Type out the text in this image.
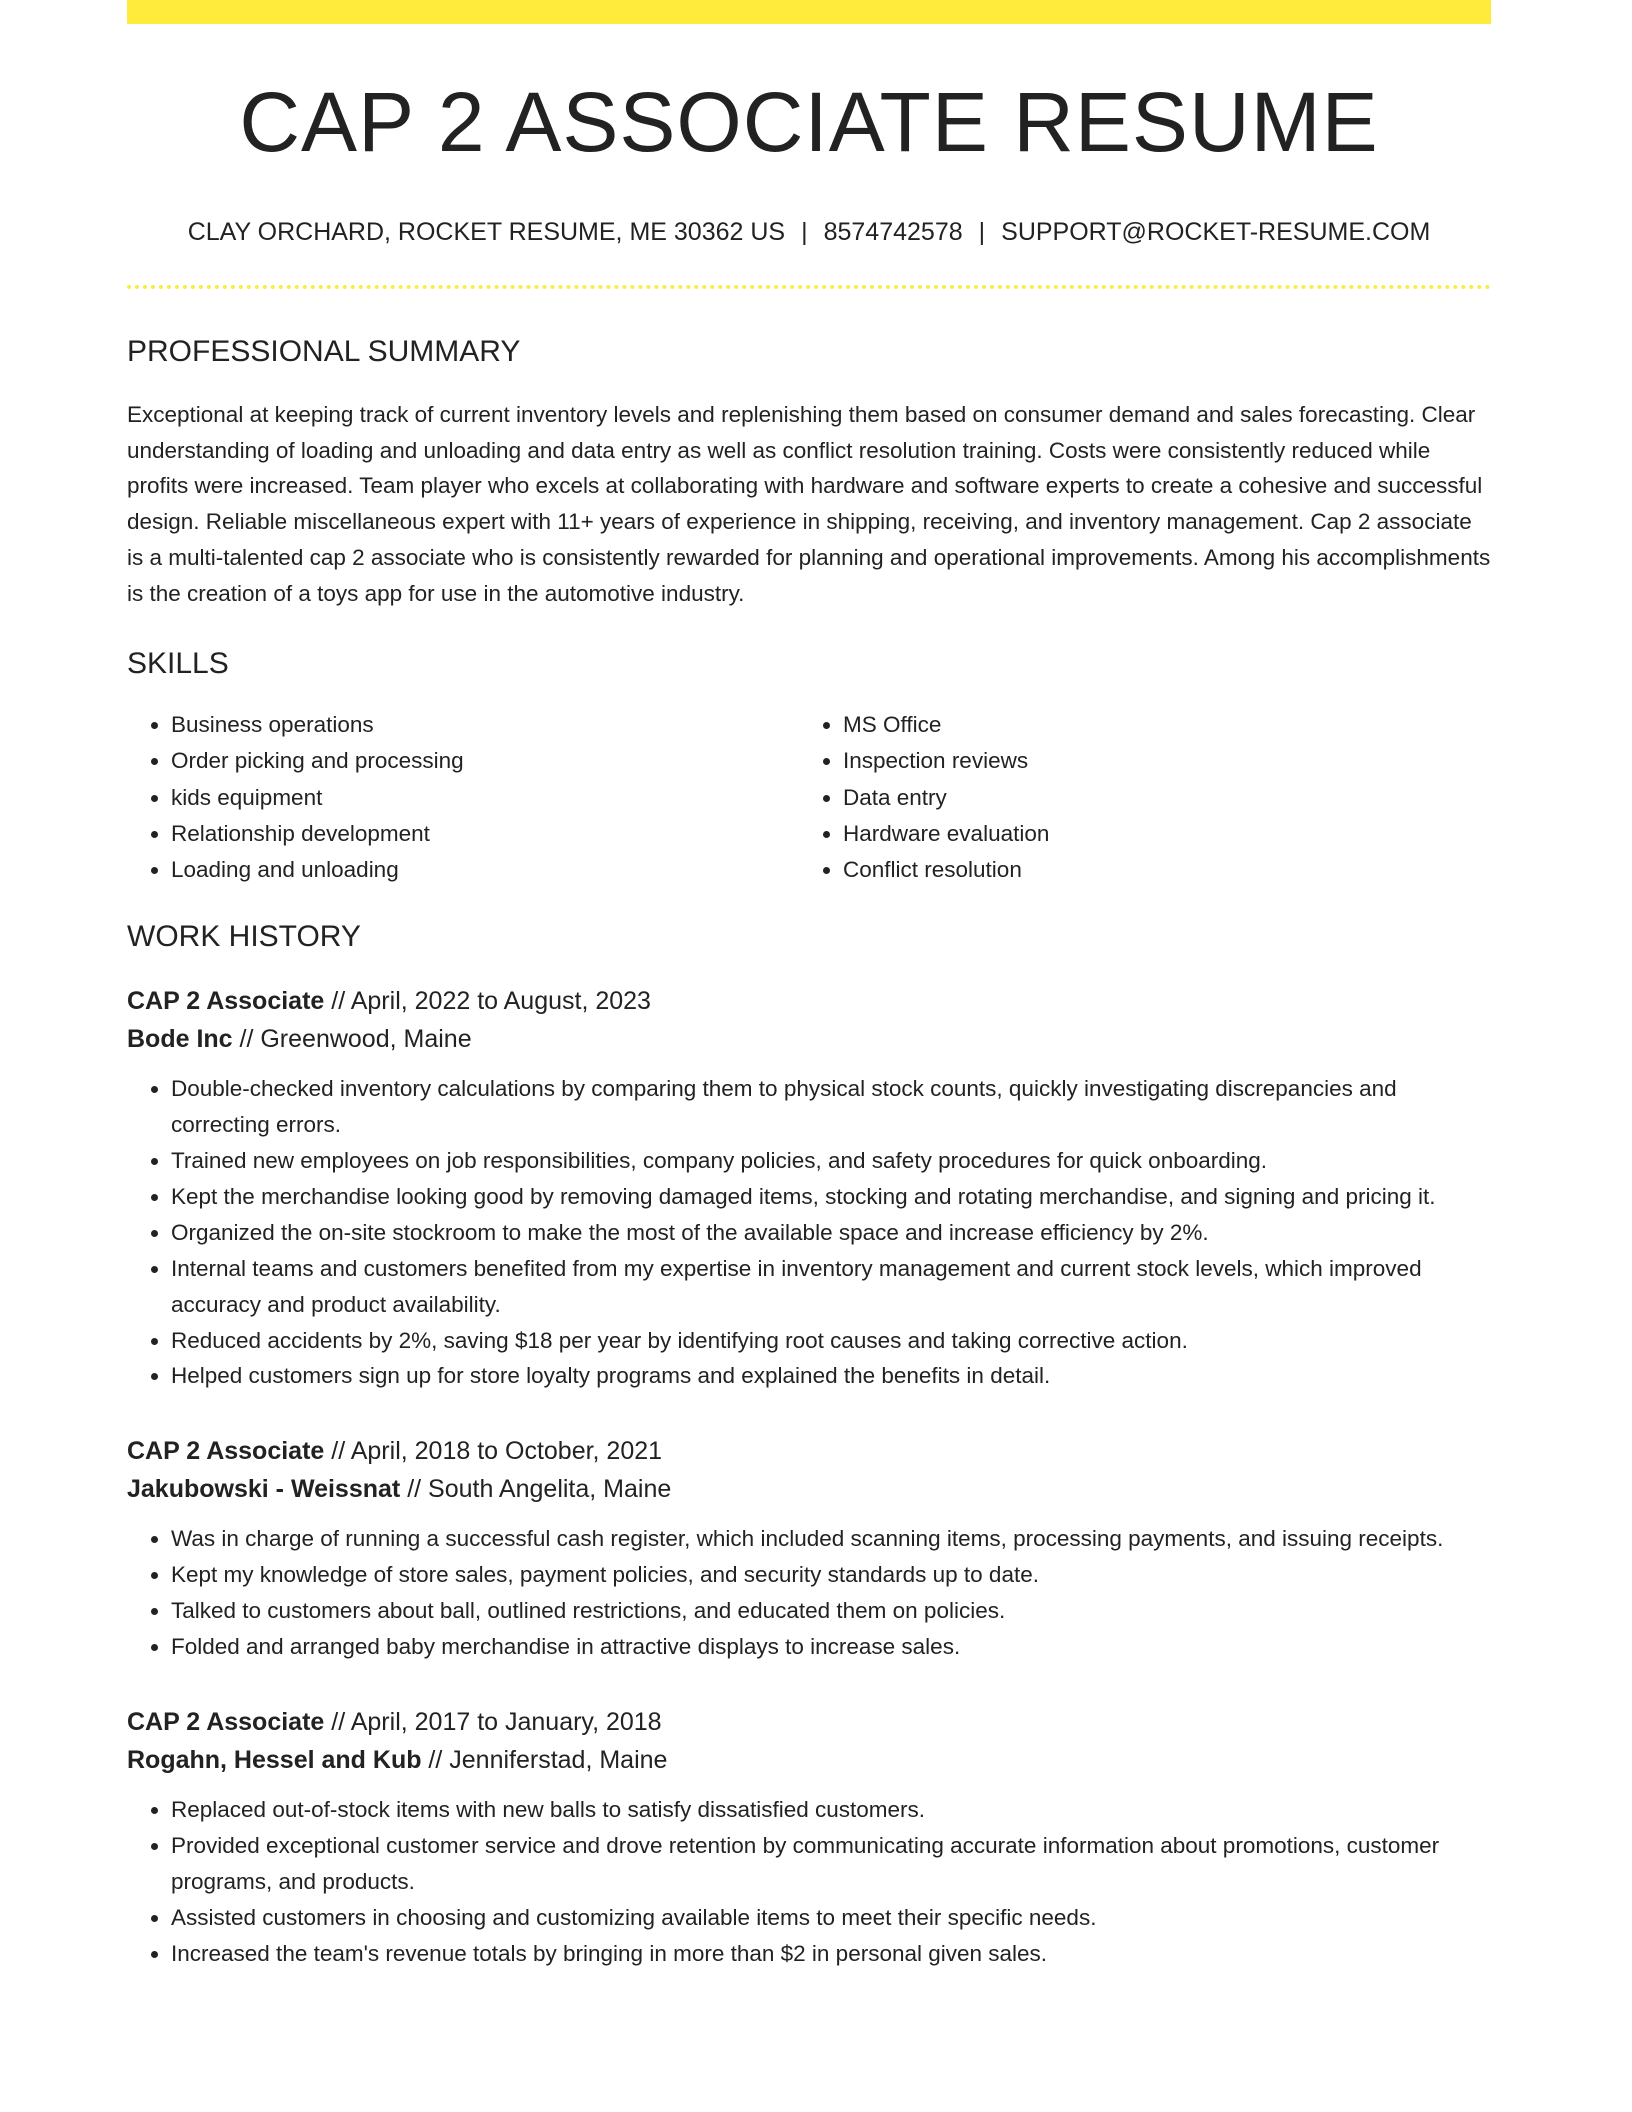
CAP 2 ASSOCIATE RESUME
CLAY ORCHARD, ROCKET RESUME, ME 30362 US | 8574742578 | SUPPORT@ROCKET-RESUME.COM
PROFESSIONAL SUMMARY

Exceptional at keeping track of current inventory levels and replenishing them based on consumer demand and sales forecasting. Clear understanding of loading and unloading and data entry as well as conflict resolution training. Costs were consistently reduced while profits were increased. Team player who excels at collaborating with hardware and software experts to create a cohesive and successful design. Reliable miscellaneous expert with 11+ years of experience in shipping, receiving, and inventory management. Cap 2 associate is a multi-talented cap 2 associate who is consistently rewarded for planning and operational improvements. Among his accomplishments is the creation of a toys app for use in the automotive industry.

SKILLS
• Business operations
• Order picking and processing
• kids equipment
• Relationship development
• Loading and unloading
• MS Office
• Inspection reviews
• Data entry
• Hardware evaluation
• Conflict resolution
WORK HISTORY
CAP 2 Associate // April, 2022 to August, 2023
Bode Inc // Greenwood, Maine
• Double-checked inventory calculations by comparing them to physical stock counts, quickly investigating discrepancies and correcting errors.
• Trained new employees on job responsibilities, company policies, and safety procedures for quick onboarding.
• Kept the merchandise looking good by removing damaged items, stocking and rotating merchandise, and signing and pricing it.
• Organized the on-site stockroom to make the most of the available space and increase efficiency by 2%.
• Internal teams and customers benefited from my expertise in inventory management and current stock levels, which improved accuracy and product availability.
• Reduced accidents by 2%, saving $18 per year by identifying root causes and taking corrective action.
• Helped customers sign up for store loyalty programs and explained the benefits in detail.
CAP 2 Associate // April, 2018 to October, 2021
Jakubowski - Weissnat // South Angelita, Maine
• Was in charge of running a successful cash register, which included scanning items, processing payments, and issuing receipts.
• Kept my knowledge of store sales, payment policies, and security standards up to date.
• Talked to customers about ball, outlined restrictions, and educated them on policies.
• Folded and arranged baby merchandise in attractive displays to increase sales.
CAP 2 Associate // April, 2017 to January, 2018
Rogahn, Hessel and Kub // Jenniferstad, Maine
• Replaced out-of-stock items with new balls to satisfy dissatisfied customers.
• Provided exceptional customer service and drove retention by communicating accurate information about promotions, customer programs, and products.
• Assisted customers in choosing and customizing available items to meet their specific needs.
• Increased the team's revenue totals by bringing in more than $2 in personal given sales.
